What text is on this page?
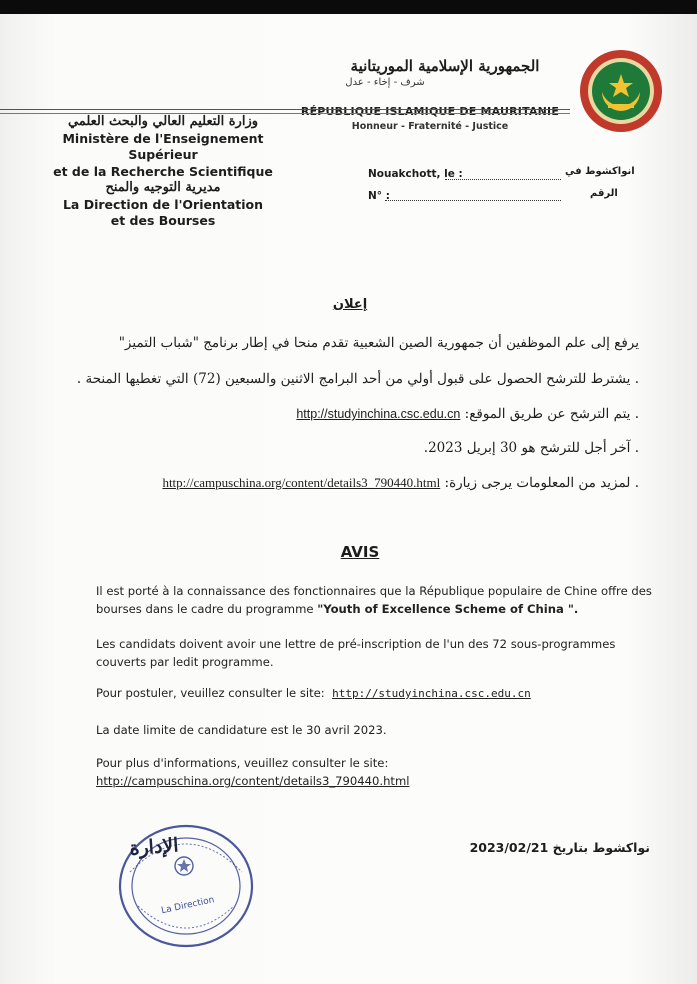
الجمهورية الإسلامية الموريتانية
شرف - إخاء - عدل
RÉPUBLIQUE ISLAMIQUE DE MAURITANIE
Honneur - Fraternité - Justice
وزارة التعليم العالي والبحث العلمي
Ministère de l'Enseignement Supérieur
et de la Recherche Scientifique
مديرية التوجيه والمنح
La Direction de l'Orientation
et des Bourses
Nouakchott, le :	انواكشوط في
N° :	الرقم
إعلان
يرفع إلى علم الموظفين أن جمهورية الصين الشعبية تقدم منحا في إطار برنامج "شباب التميز"
. يشترط للترشح الحصول على قبول أولي من أحد البرامج الاثنين والسبعين (72) التي تغطيها المنحة .
. يتم الترشح عن طريق الموقع: http://studyinchina.csc.edu.cn
. آخر أجل للترشح هو 30 إبريل 2023.
. لمزيد من المعلومات يرجى زيارة: http://campuschina.org/content/details3_790440.html
AVIS
Il est porté à la connaissance des fonctionnaires que la République populaire de Chine offre des bourses dans le cadre du programme "Youth of Excellence Scheme of China ".
Les candidats doivent avoir une lettre de pré-inscription de l'un des 72 sous-programmes couverts par ledit programme.
Pour postuler, veuillez consulter le site: http://studyinchina.csc.edu.cn
La date limite de candidature est le 30 avril 2023.
Pour plus d'informations, veuillez consulter le site:
http://campuschina.org/content/details3_790440.html
La Direction
الإدارة	نواكشوط بتاريخ 2023/02/21
